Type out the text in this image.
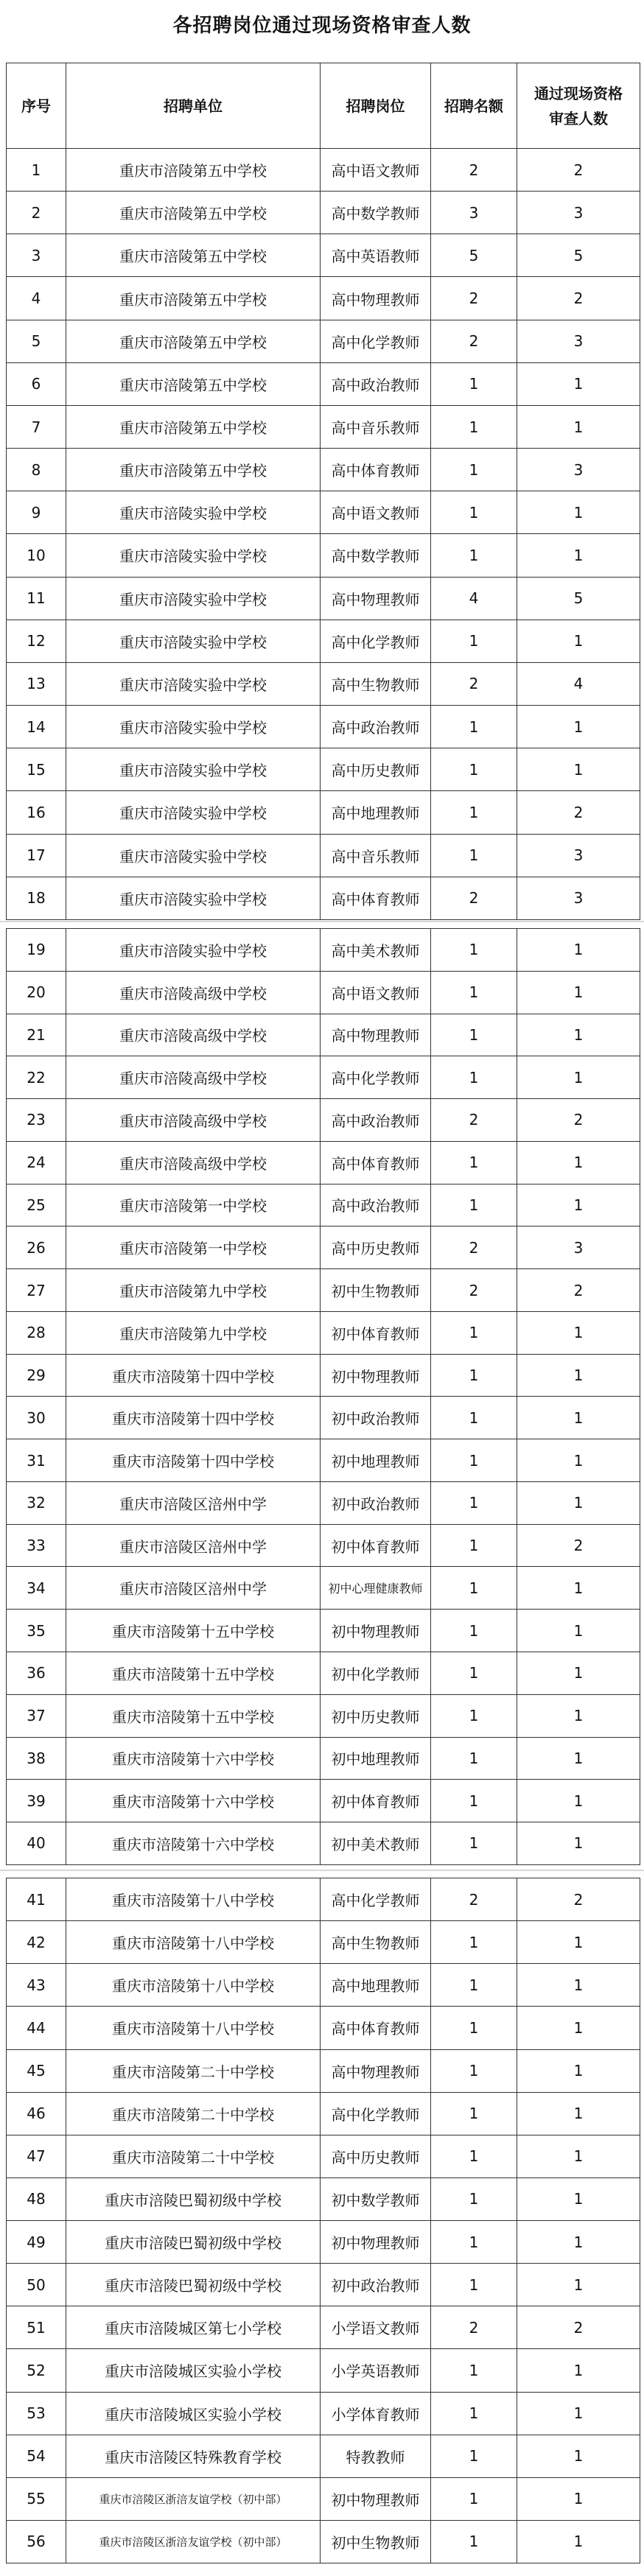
各招聘岗位通过现场资格审查人数
序号	招聘单位	招聘岗位	招聘名额	通过现场资格审查人数
1	重庆市涪陵第五中学校	高中语文教师	2	2
2	重庆市涪陵第五中学校	高中数学教师	3	3
3	重庆市涪陵第五中学校	高中英语教师	5	5
4	重庆市涪陵第五中学校	高中物理教师	2	2
5	重庆市涪陵第五中学校	高中化学教师	2	3
6	重庆市涪陵第五中学校	高中政治教师	1	1
7	重庆市涪陵第五中学校	高中音乐教师	1	1
8	重庆市涪陵第五中学校	高中体育教师	1	3
9	重庆市涪陵实验中学校	高中语文教师	1	1
10	重庆市涪陵实验中学校	高中数学教师	1	1
11	重庆市涪陵实验中学校	高中物理教师	4	5
12	重庆市涪陵实验中学校	高中化学教师	1	1
13	重庆市涪陵实验中学校	高中生物教师	2	4
14	重庆市涪陵实验中学校	高中政治教师	1	1
15	重庆市涪陵实验中学校	高中历史教师	1	1
16	重庆市涪陵实验中学校	高中地理教师	1	2
17	重庆市涪陵实验中学校	高中音乐教师	1	3
18	重庆市涪陵实验中学校	高中体育教师	2	3
19	重庆市涪陵实验中学校	高中美术教师	1	1
20	重庆市涪陵高级中学校	高中语文教师	1	1
21	重庆市涪陵高级中学校	高中物理教师	1	1
22	重庆市涪陵高级中学校	高中化学教师	1	1
23	重庆市涪陵高级中学校	高中政治教师	2	2
24	重庆市涪陵高级中学校	高中体育教师	1	1
25	重庆市涪陵第一中学校	高中政治教师	1	1
26	重庆市涪陵第一中学校	高中历史教师	2	3
27	重庆市涪陵第九中学校	初中生物教师	2	2
28	重庆市涪陵第九中学校	初中体育教师	1	1
29	重庆市涪陵第十四中学校	初中物理教师	1	1
30	重庆市涪陵第十四中学校	初中政治教师	1	1
31	重庆市涪陵第十四中学校	初中地理教师	1	1
32	重庆市涪陵区涪州中学	初中政治教师	1	1
33	重庆市涪陵区涪州中学	初中体育教师	1	2
34	重庆市涪陵区涪州中学	初中心理健康教师	1	1
35	重庆市涪陵第十五中学校	初中物理教师	1	1
36	重庆市涪陵第十五中学校	初中化学教师	1	1
37	重庆市涪陵第十五中学校	初中历史教师	1	1
38	重庆市涪陵第十六中学校	初中地理教师	1	1
39	重庆市涪陵第十六中学校	初中体育教师	1	1
40	重庆市涪陵第十六中学校	初中美术教师	1	1
41	重庆市涪陵第十八中学校	高中化学教师	2	2
42	重庆市涪陵第十八中学校	高中生物教师	1	1
43	重庆市涪陵第十八中学校	高中地理教师	1	1
44	重庆市涪陵第十八中学校	高中体育教师	1	1
45	重庆市涪陵第二十中学校	高中物理教师	1	1
46	重庆市涪陵第二十中学校	高中化学教师	1	1
47	重庆市涪陵第二十中学校	高中历史教师	1	1
48	重庆市涪陵巴蜀初级中学校	初中数学教师	1	1
49	重庆市涪陵巴蜀初级中学校	初中物理教师	1	1
50	重庆市涪陵巴蜀初级中学校	初中政治教师	1	1
51	重庆市涪陵城区第七小学校	小学语文教师	2	2
52	重庆市涪陵城区实验小学校	小学英语教师	1	1
53	重庆市涪陵城区实验小学校	小学体育教师	1	1
54	重庆市涪陵区特殊教育学校	特教教师	1	1
55	重庆市涪陵区浙涪友谊学校（初中部）	初中物理教师	1	1
56	重庆市涪陵区浙涪友谊学校（初中部）	初中生物教师	1	1
